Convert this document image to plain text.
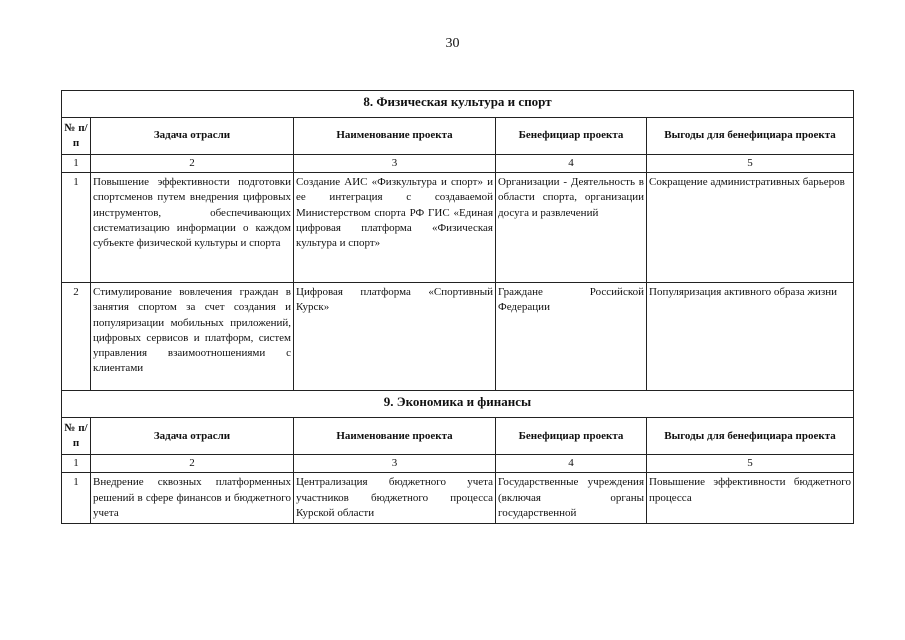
30
8. Физическая культура и спорт				
№ п/п	Задача отрасли	Наименование проекта	Бенефициар проекта	Выгоды для бенефициара проекта
1	2	3	4	5
1	Повышение эффективности подготовки спортсменов путем внедрения цифровых инструментов, обеспечивающих систематизацию информации о каждом субъекте физической культуры и спорта	Создание АИС «Физкультура и спорт» и ее интеграция с создаваемой Министерством спорта РФ ГИС «Единая цифровая платформа «Физическая культура и спорт»	Организации - Деятельность в области спорта, организации досуга и развлечений	Сокращение административных барьеров
2	Стимулирование вовлечения граждан в занятия спортом за счет создания и популяризации мобильных приложений, цифровых сервисов и платформ, систем управления взаимоотношениями с клиентами	Цифровая платформа «Спортивный Курск»	Граждане Российской Федерации	Популяризация активного образа жизни
9. Экономика и финансы				
№ п/п	Задача отрасли	Наименование проекта	Бенефициар проекта	Выгоды для бенефициара проекта
1	2	3	4	5
1	Внедрение сквозных платформенных решений в сфере финансов и бюджетного учета	Централизация бюджетного учета участников бюджетного процесса Курской области	Государственные учреждения (включая органы государственной	Повышение эффективности бюджетного процесса
